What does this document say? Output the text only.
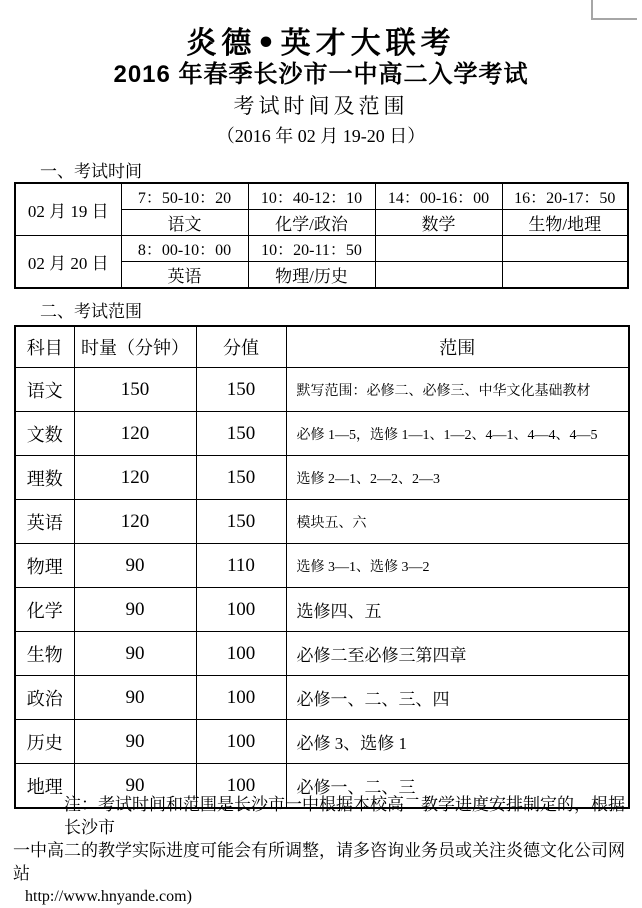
炎德•英才大联考
2016 年春季长沙市一中高二入学考试
考试时间及范围
（2016 年 02 月 19-20 日）
一、考试时间
02 月 19 日	7：50-10：20	10：40-12：10	14：00-16：00	16：20-17：50
	语文	化学/政治	数学	生物/地理
02 月 20 日	8：00-10：00	10：20-11：50		
	英语	物理/历史		
二、考试范围
科目	时量（分钟）	分值	范围
语文	150	150	默写范围：必修二、必修三、中华文化基础教材
文数	120	150	必修 1—5，选修 1—1、1—2、4—1、4—4、4—5
理数	120	150	选修 2—1、2—2、2—3
英语	120	150	模块五、六
物理	90	110	选修 3—1、选修 3—2
化学	90	100	选修四、五
生物	90	100	必修二至必修三第四章
政治	90	100	必修一、二、三、四
历史	90	100	必修 3、选修 1
地理	90	100	必修一、二、三
注：考试时间和范围是长沙市一中根据本校高二教学进度安排制定的，根据长沙市
一中高二的教学实际进度可能会有所调整，请多咨询业务员或关注炎德文化公司网站
http://www.hnyande.com)
